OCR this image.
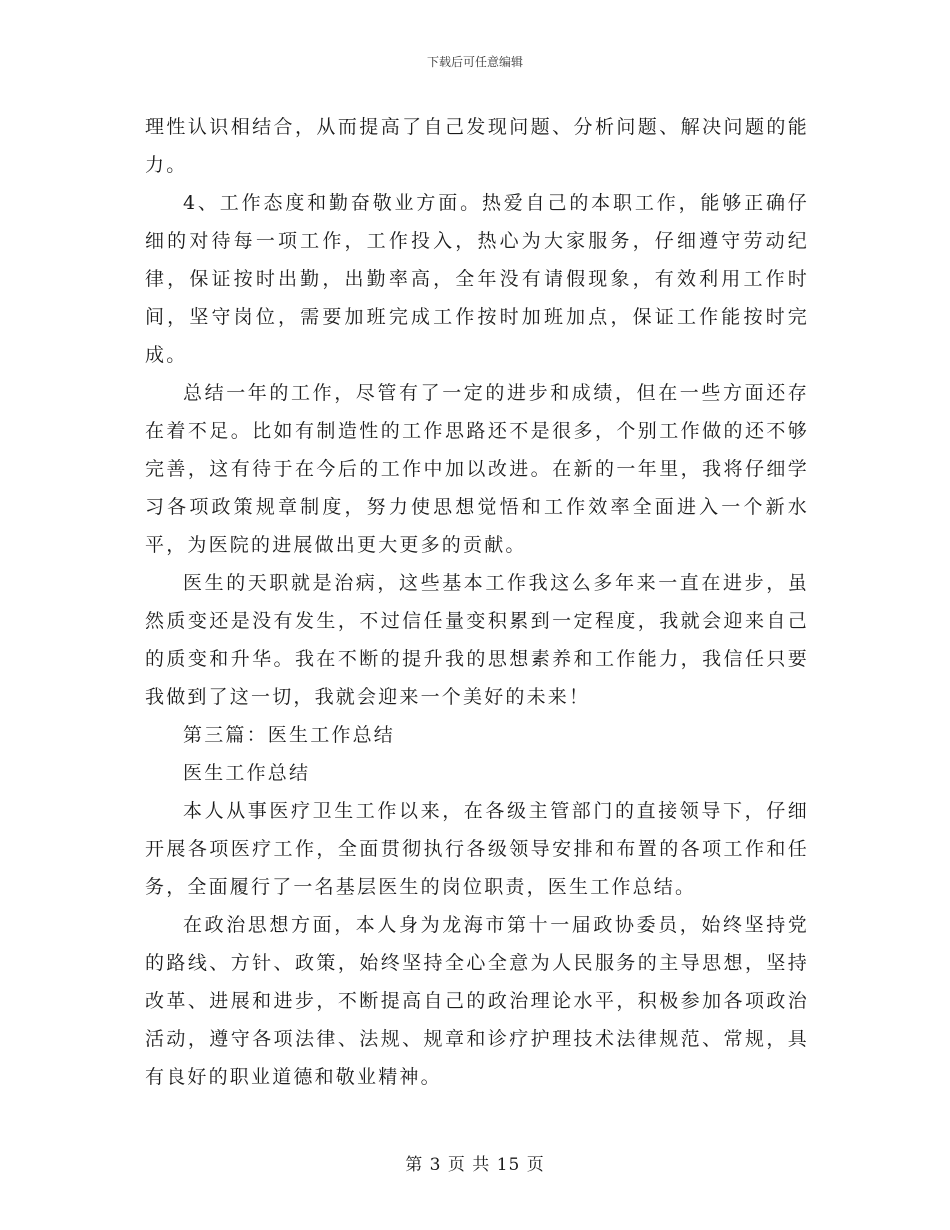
下载后可任意编辑

理性认识相结合，从而提高了自己发现问题、分析问题、解决问题的能力。

4、工作态度和勤奋敬业方面。热爱自己的本职工作，能够正确仔细的对待每一项工作，工作投入，热心为大家服务，仔细遵守劳动纪律，保证按时出勤，出勤率高，全年没有请假现象，有效利用工作时间，坚守岗位，需要加班完成工作按时加班加点，保证工作能按时完成。

总结一年的工作，尽管有了一定的进步和成绩，但在一些方面还存在着不足。比如有制造性的工作思路还不是很多，个别工作做的还不够完善，这有待于在今后的工作中加以改进。在新的一年里，我将仔细学习各项政策规章制度，努力使思想觉悟和工作效率全面进入一个新水平，为医院的进展做出更大更多的贡献。

医生的天职就是治病，这些基本工作我这么多年来一直在进步，虽然质变还是没有发生，不过信任量变积累到一定程度，我就会迎来自己的质变和升华。我在不断的提升我的思想素养和工作能力，我信任只要我做到了这一切，我就会迎来一个美好的未来！

第三篇：医生工作总结

医生工作总结

本人从事医疗卫生工作以来，在各级主管部门的直接领导下，仔细开展各项医疗工作，全面贯彻执行各级领导安排和布置的各项工作和任务，全面履行了一名基层医生的岗位职责，医生工作总结。

在政治思想方面，本人身为龙海市第十一届政协委员，始终坚持党的路线、方针、政策，始终坚持全心全意为人民服务的主导思想，坚持改革、进展和进步，不断提高自己的政治理论水平，积极参加各项政治活动，遵守各项法律、法规、规章和诊疗护理技术法律规范、常规，具有良好的职业道德和敬业精神。

第 3 页 共 15 页
